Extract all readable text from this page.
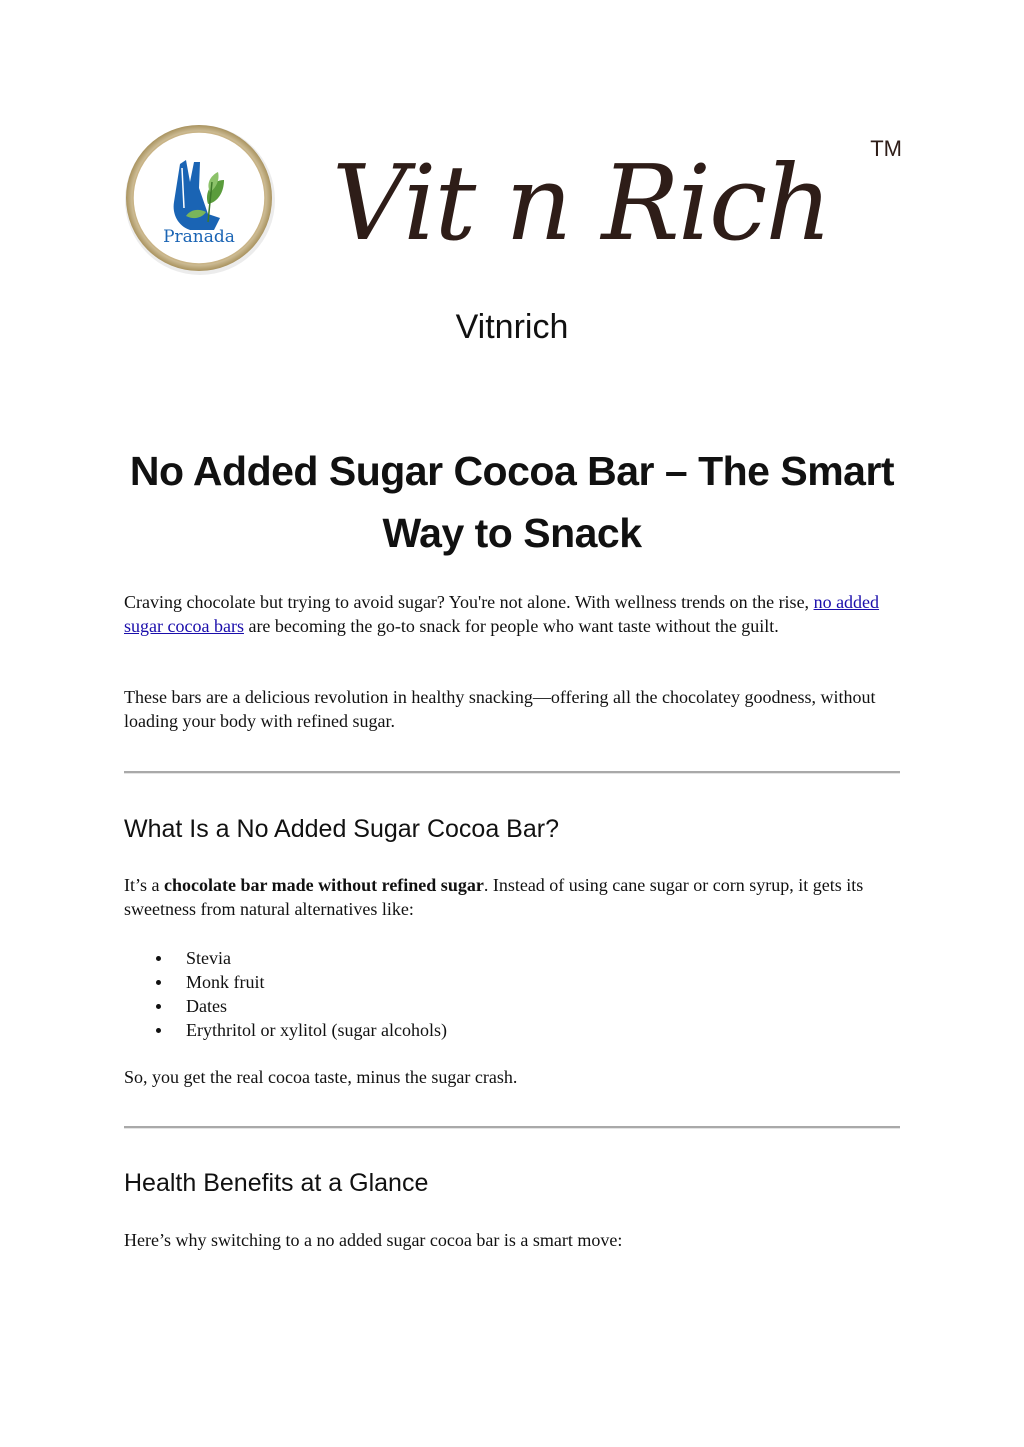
Pranada Vit n Rich	TM
Vitnrich
No Added Sugar Cocoa Bar – The Smart Way to Snack

Craving chocolate but trying to avoid sugar? You're not alone. With wellness trends on the rise, no added sugar cocoa bars are becoming the go-to snack for people who want taste without the guilt.

These bars are a delicious revolution in healthy snacking—offering all the chocolatey goodness, without loading your body with refined sugar.

What Is a No Added Sugar Cocoa Bar?

It’s a chocolate bar made without refined sugar. Instead of using cane sugar or corn syrup, it gets its sweetness from natural alternatives like:

Stevia
Monk fruit
Dates
Erythritol or xylitol (sugar alcohols)

So, you get the real cocoa taste, minus the sugar crash.

Health Benefits at a Glance

Here’s why switching to a no added sugar cocoa bar is a smart move:
